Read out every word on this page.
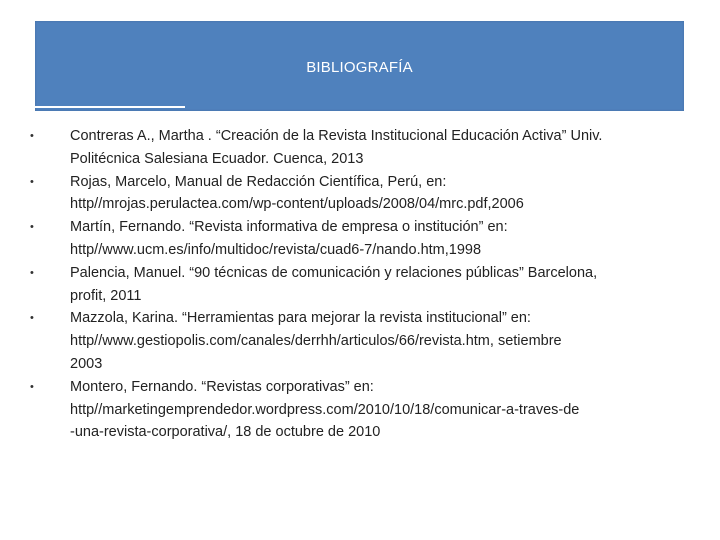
BIBLIOGRAFÍA
•	Contreras A., Martha . “Creación de la Revista Institucional Educación Activa” Univ.
Politécnica Salesiana Ecuador. Cuenca, 2013
•	Rojas, Marcelo, Manual de Redacción Científica, Perú, en:
http//mrojas.perulactea.com/wp-content/uploads/2008/04/mrc.pdf,2006
•	Martín, Fernando. “Revista informativa de empresa o institución” en:
http//www.ucm.es/info/multidoc/revista/cuad6-7/nando.htm,1998
•	Palencia, Manuel. “90 técnicas de comunicación y relaciones públicas” Barcelona,
profit, 2011
•	Mazzola, Karina. “Herramientas para mejorar la revista institucional” en:
http//www.gestiopolis.com/canales/derrhh/articulos/66/revista.htm, setiembre
2003
•	Montero, Fernando. “Revistas corporativas” en:
http//marketingemprendedor.wordpress.com/2010/10/18/comunicar-a-traves-de
-una-revista-corporativa/, 18 de octubre de 2010
